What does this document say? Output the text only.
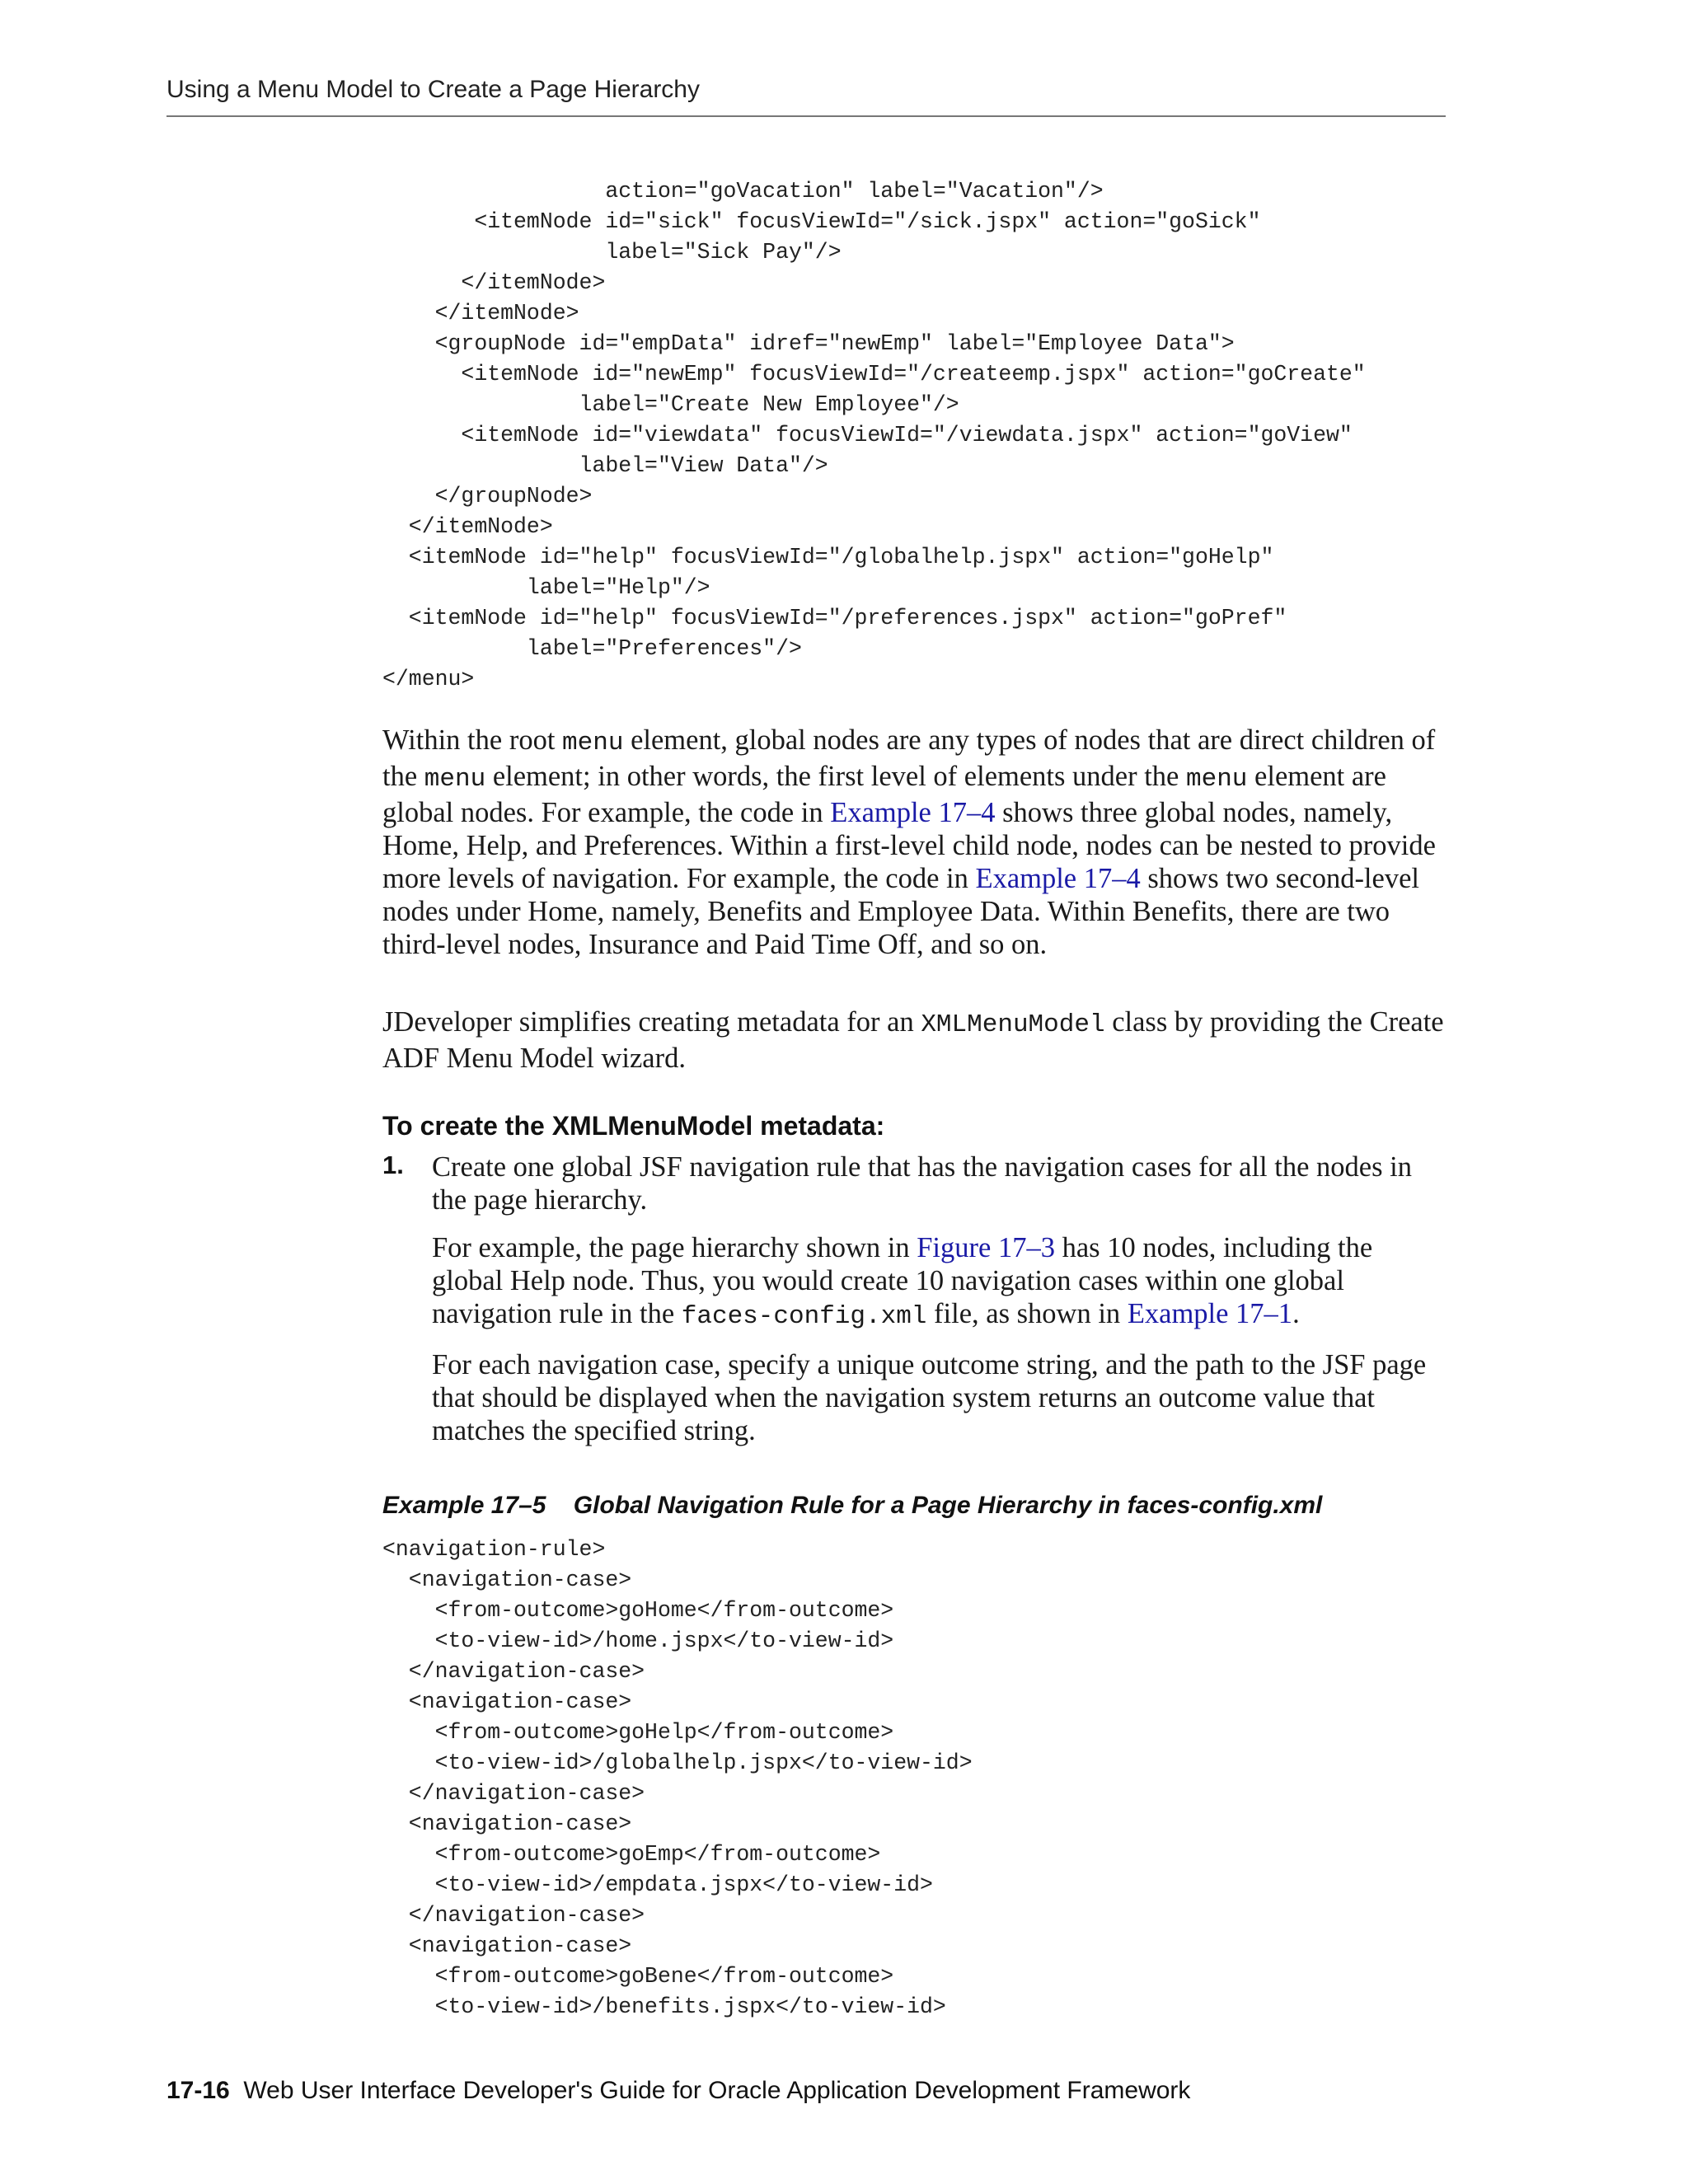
Using a Menu Model to Create a Page Hierarchy
action="goVacation" label="Vacation"/>
<itemNode id="sick" focusViewId="/sick.jspx" action="goSick"
label="Sick Pay"/>
</itemNode>
</itemNode>
<groupNode id="empData" idref="newEmp" label="Employee Data">
<itemNode id="newEmp" focusViewId="/createemp.jspx" action="goCreate"
label="Create New Employee"/>
<itemNode id="viewdata" focusViewId="/viewdata.jspx" action="goView"
label="View Data"/>
</groupNode>
</itemNode>
<itemNode id="help" focusViewId="/globalhelp.jspx" action="goHelp"
label="Help"/>
<itemNode id="help" focusViewId="/preferences.jspx" action="goPref"
label="Preferences"/>
</menu>

Within the root menu element, global nodes are any types of nodes that are direct children of the menu element; in other words, the first level of elements under the menu element are global nodes. For example, the code in Example 17–4 shows three global nodes, namely, Home, Help, and Preferences. Within a first-level child node, nodes can be nested to provide more levels of navigation. For example, the code in Example 17–4 shows two second-level nodes under Home, namely, Benefits and Employee Data. Within Benefits, there are two third-level nodes, Insurance and Paid Time Off, and so on.

JDeveloper simplifies creating metadata for an XMLMenuModel class by providing the Create ADF Menu Model wizard.

To create the XMLMenuModel metadata:
1. Create one global JSF navigation rule that has the navigation cases for all the nodes in the page hierarchy.

For example, the page hierarchy shown in Figure 17–3 has 10 nodes, including the global Help node. Thus, you would create 10 navigation cases within one global navigation rule in the faces-config.xml file, as shown in Example 17–1.

For each navigation case, specify a unique outcome string, and the path to the JSF page that should be displayed when the navigation system returns an outcome value that matches the specified string.

Example 17–5    Global Navigation Rule for a Page Hierarchy in faces-config.xml
<navigation-rule>
<navigation-case>
<from-outcome>goHome</from-outcome>
<to-view-id>/home.jspx</to-view-id>
</navigation-case>
<navigation-case>
<from-outcome>goHelp</from-outcome>
<to-view-id>/globalhelp.jspx</to-view-id>
</navigation-case>
<navigation-case>
<from-outcome>goEmp</from-outcome>
<to-view-id>/empdata.jspx</to-view-id>
</navigation-case>
<navigation-case>
<from-outcome>goBene</from-outcome>
<to-view-id>/benefits.jspx</to-view-id>
17-16 Web User Interface Developer's Guide for Oracle Application Development Framework
